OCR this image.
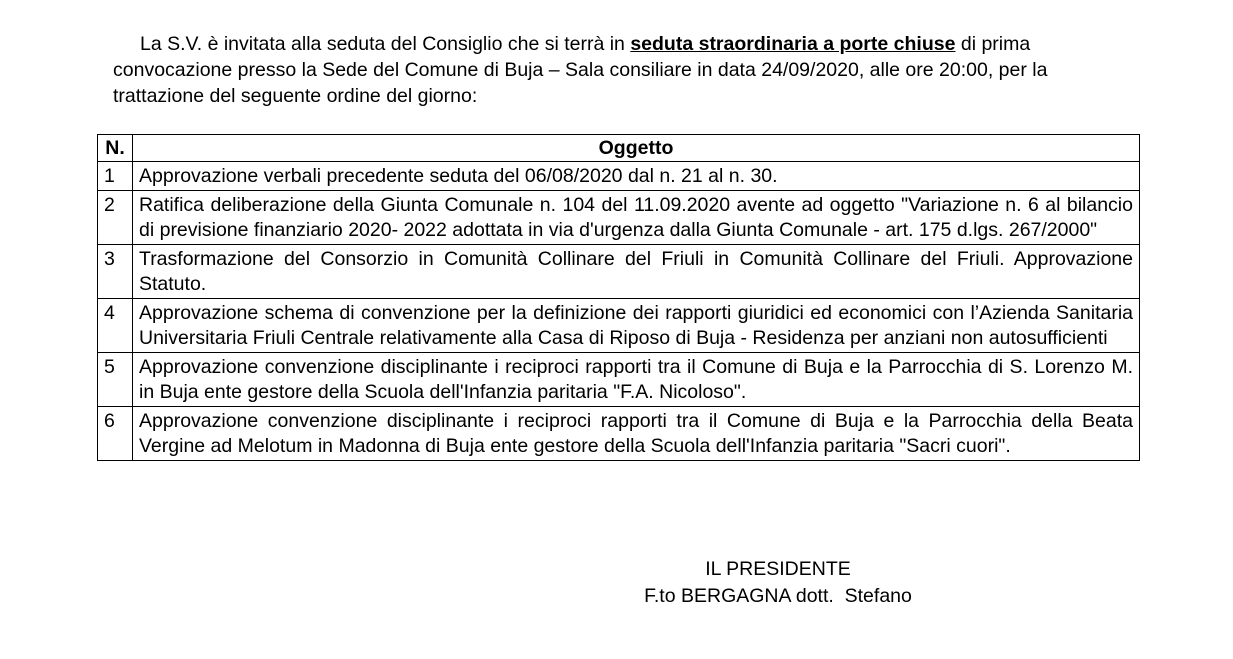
La S.V. è invitata alla seduta del Consiglio che si terrà in seduta straordinaria a porte chiuse di prima convocazione presso la Sede del Comune di Buja – Sala consiliare in data 24/09/2020, alle ore 20:00, per la trattazione del seguente ordine del giorno:

N.	Oggetto
1	Approvazione verbali precedente seduta del 06/08/2020 dal n. 21 al n. 30.
2	Ratifica deliberazione della Giunta Comunale n. 104 del 11.09.2020 avente ad oggetto "Variazione n. 6 al bilancio di previsione finanziario 2020- 2022 adottata in via d'urgenza dalla Giunta Comunale - art. 175 d.lgs. 267/2000"
3	Trasformazione del Consorzio in Comunità Collinare del Friuli in Comunità Collinare del Friuli. Approvazione Statuto.
4	Approvazione schema di convenzione per la definizione dei rapporti giuridici ed economici con l’Azienda Sanitaria Universitaria Friuli Centrale relativamente alla Casa di Riposo di Buja - Residenza per anziani non autosufficienti
5	Approvazione convenzione disciplinante i reciproci rapporti tra il Comune di Buja e la Parrocchia di S. Lorenzo M. in Buja ente gestore della Scuola dell'Infanzia paritaria "F.A. Nicoloso".
6	Approvazione convenzione disciplinante i reciproci rapporti tra il Comune di Buja e la Parrocchia della Beata Vergine ad Melotum in Madonna di Buja ente gestore della Scuola dell'Infanzia paritaria "Sacri cuori".
IL PRESIDENTE
F.to BERGAGNA dott.  Stefano
